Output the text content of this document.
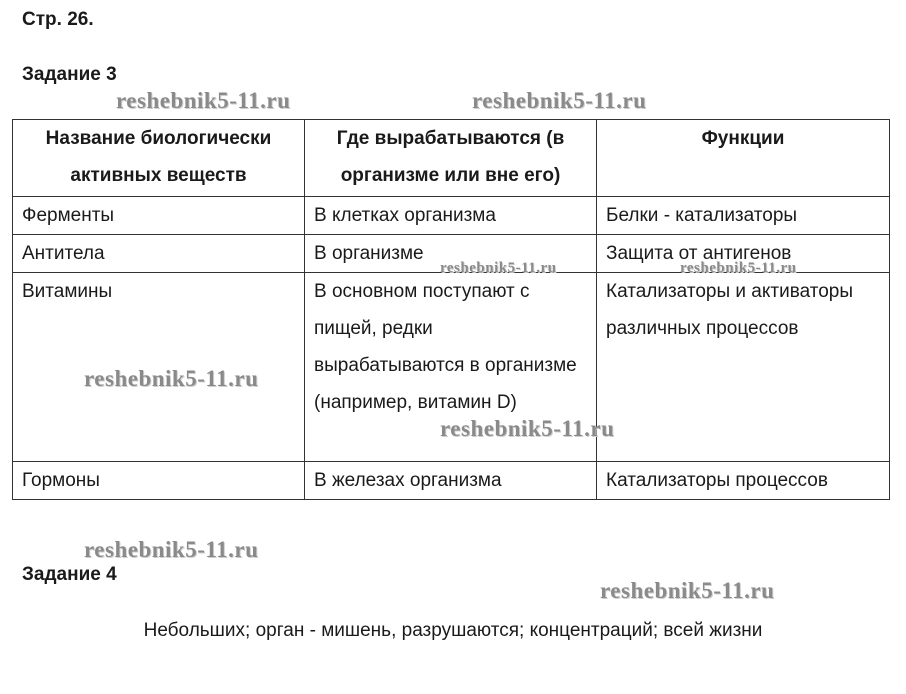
Стр. 26.
Задание 3
Название биологически активных веществ	Где вырабатываются (в организме или вне его)	Функции
Ферменты	В клетках организма	Белки - катализаторы
Антитела	В организме	Защита от антигенов
Витамины	В основном поступают с пищей, редки вырабатываются в организме (например, витамин D)	Катализаторы и активаторы различных процессов
Гормоны	В железах организма	Катализаторы процессов
Задание 4
Небольших; орган - мишень, разрушаются; концентраций; всей жизни
reshebnik5-11.ru	reshebnik5-11.ru
reshebnik5-11.ru	reshebnik5-11.ru
reshebnik5-11.ru
reshebnik5-11.ru
reshebnik5-11.ru
reshebnik5-11.ru
